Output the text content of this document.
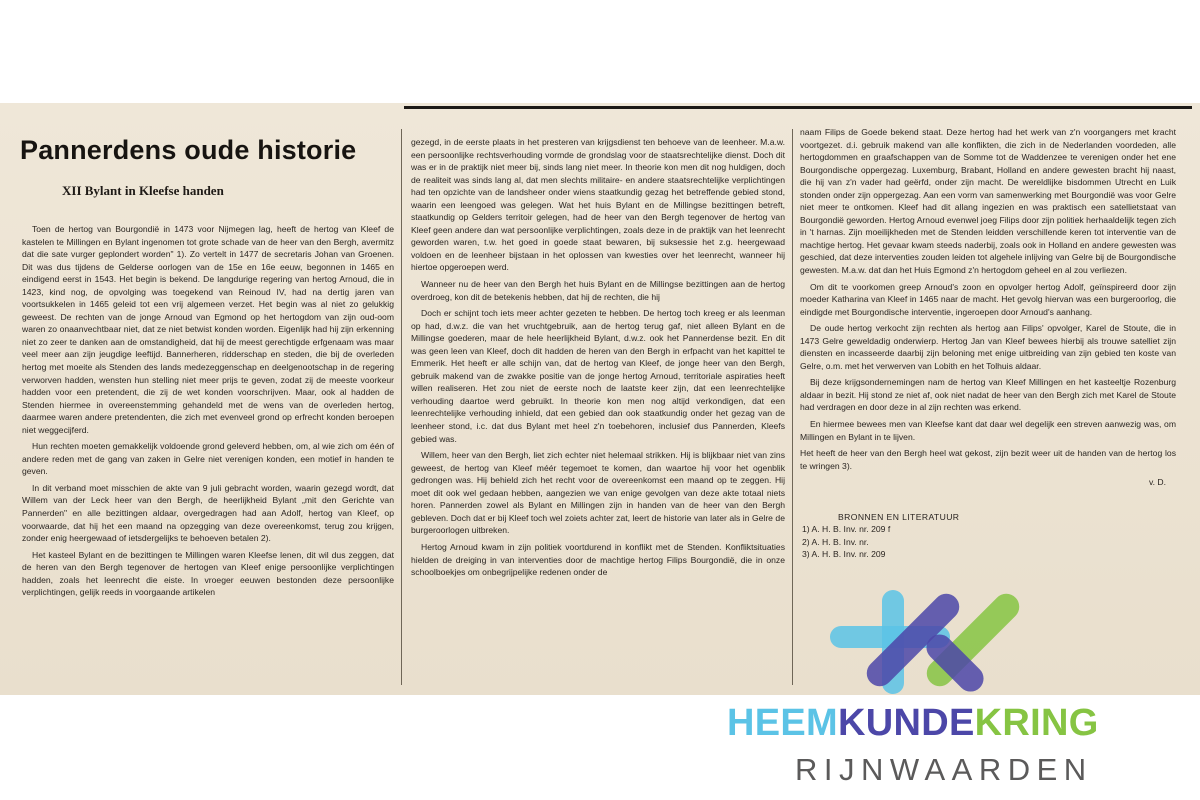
Pannerdens oude historie
XII Bylant in Kleefse handen

Toen de hertog van Bourgondië in 1473 voor Nijmegen lag, heeft de hertog van Kleef de kastelen te Millingen en Bylant ingenomen tot grote schade van de heer van den Bergh, avermitz dat die sate vurger geplondert worden" 1). Zo vertelt in 1477 de secretaris Johan van Groenen. Dit was dus tijdens de Gelderse oorlogen van de 15e en 16e eeuw, begonnen in 1465 en eindigend eerst in 1543. Het begin is bekend. De langdurige regering van hertog Arnoud, die in 1423, kind nog, de opvolging was toegekend van Reinoud IV, had na dertig jaren van voortsukkelen in 1465 geleid tot een vrij algemeen verzet. Het begin was al niet zo gelukkig geweest. De rechten van de jonge Arnoud van Egmond op het hertogdom van zijn oud-oom waren zo onaanvechtbaar niet, dat ze niet betwist konden worden. Eigenlijk had hij zijn erkenning niet zo zeer te danken aan de omstandigheid, dat hij de meest gerechtigde erfgenaam was maar veel meer aan zijn jeugdige leeftijd. Bannerheren, ridderschap en steden, die bij de overleden hertog met moeite als Stenden des lands medezeggenschap en deelgenootschap in de regering verworven hadden, wensten hun stelling niet meer prijs te geven, zodat zij de meeste voorkeur hadden voor een pretendent, die zij de wet konden voorschrijven. Maar, ook al hadden de Stenden hiermee in overeenstemming gehandeld met de wens van de overleden hertog, daarmee waren andere pretendenten, die zich met evenveel grond op erfrecht konden beroepen niet weggecijferd.

Hun rechten moeten gemakkelijk voldoende grond geleverd hebben, om, al wie zich om één of andere reden met de gang van zaken in Gelre niet verenigen konden, een motief in handen te geven.

In dit verband moet misschien de akte van 9 juli gebracht worden, waarin gezegd wordt, dat Willem van der Leck heer van den Bergh, de heerlijkheid Bylant „mit den Gerichte van Pannerden" en alle bezittingen aldaar, overgedragen had aan Adolf, hertog van Kleef, op voorwaarde, dat hij het een maand na opzegging van deze overeenkomst, terug zou krijgen, zonder enig heergewaad of ietsdergelijks te behoeven betalen 2).

Het kasteel Bylant en de bezittingen te Millingen waren Kleefse lenen, dit wil dus zeggen, dat de heren van den Bergh tegenover de hertogen van Kleef enige persoonlijke verplichtingen hadden, zoals het leenrecht die eiste. In vroeger eeuwen bestonden deze persoonlijke verplichtingen, gelijk reeds in voorgaande artikelen

gezegd, in de eerste plaats in het presteren van krijgsdienst ten behoeve van de leenheer. M.a.w. een persoonlijke rechtsverhouding vormde de grondslag voor de staatsrechtelijke dienst. Doch dit was er in de praktijk niet meer bij, sinds lang niet meer. In theorie kon men dit nog huldigen, doch de realiteit was sinds lang al, dat men slechts militaire- en andere staatsrechtelijke verplichtingen had ten opzichte van de landsheer onder wiens staatkundig gezag het betreffende gebied stond, waarin een leengoed was gelegen. Wat het huis Bylant en de Millingse bezittingen betreft, staatkundig op Gelders territoir gelegen, had de heer van den Bergh tegenover de hertog van Kleef geen andere dan wat persoonlijke verplichtingen, zoals deze in de praktijk van het leenrecht geworden waren, t.w. het goed in goede staat bewaren, bij suksessie het z.g. heergewaad voldoen en de leenheer bijstaan in het oplossen van kwesties over het leenrecht, wanneer hij hiertoe opgeroepen werd.

Wanneer nu de heer van den Bergh het huis Bylant en de Millingse bezittingen aan de hertog overdroeg, kon dit de betekenis hebben, dat hij de rechten, die hij

Doch er schijnt toch iets meer achter gezeten te hebben. De hertog toch kreeg er als leenman op had, d.w.z. die van het vruchtgebruik, aan de hertog terug gaf, niet alleen Bylant en de Millingse goederen, maar de hele heerlijkheid Bylant, d.w.z. ook het Pannerdense bezit. En dit was geen leen van Kleef, doch dit hadden de heren van den Bergh in erfpacht van het kapittel te Emmerik. Het heeft er alle schijn van, dat de hertog van Kleef, de jonge heer van den Bergh, gebruik makend van de zwakke positie van de jonge hertog Arnoud, territoriale aspiraties heeft willen realiseren. Het zou niet de eerste noch de laatste keer zijn, dat een leenrechtelijke verhouding daartoe werd gebruikt. In theorie kon men nog altijd verkondigen, dat een leenrechtelijke verhouding inhield, dat een gebied dan ook staatkundig onder het gezag van de leenheer stond, i.c. dat dus Bylant met heel z'n toebehoren, inclusief dus Pannerden, Kleefs gebied was.

Willem, heer van den Bergh, liet zich echter niet helemaal strikken. Hij is blijkbaar niet van zins geweest, de hertog van Kleef méér tegemoet te komen, dan waartoe hij voor het ogenblik gedrongen was. Hij behield zich het recht voor de overeenkomst een maand op te zeggen. Hij moet dit ook wel gedaan hebben, aangezien we van enige gevolgen van deze akte totaal niets horen. Pannerden zowel als Bylant en Millingen zijn in handen van de heer van den Bergh gebleven. Doch dat er bij Kleef toch wel zoiets achter zat, leert de historie van later als in Gelre de burgeroorlogen uitbreken.

Hertog Arnoud kwam in zijn politiek voortdurend in konflikt met de Stenden. Konfliktsituaties hielden de dreiging in van interventies door de machtige hertog Filips Bourgondië, die in onze schoolboekjes om onbegrijpelijke redenen onder de

naam Filips de Goede bekend staat. Deze hertog had het werk van z'n voorgangers met kracht voortgezet. d.i. gebruik makend van alle konflikten, die zich in de Nederlanden voordeden, alle hertogdommen en graafschappen van de Somme tot de Waddenzee te verenigen onder het ene Bourgondische oppergezag. Luxemburg, Brabant, Holland en andere gewesten bracht hij naast, die hij van z'n vader had geërfd, onder zijn macht. De wereldlijke bisdommen Utrecht en Luik stonden onder zijn oppergezag. Aan een vorm van samenwerking met Bourgondië was voor Gelre niet meer te ontkomen. Kleef had dit allang ingezien en was praktisch een satellietstaat van Bourgondië geworden. Hertog Arnoud evenwel joeg Filips door zijn politiek herhaaldelijk tegen zich in 't harnas. Zijn moeilijkheden met de Stenden leidden verschillende keren tot interventie van de machtige hertog. Het gevaar kwam steeds naderbij, zoals ook in Holland en andere gewesten was geschied, dat deze interventies zouden leiden tot algehele inlijving van Gelre bij de Bourgondische gewesten. M.a.w. dat dan het Huis Egmond z'n hertogdom geheel en al zou verliezen.

Om dit te voorkomen greep Arnoud's zoon en opvolger hertog Adolf, geïnspireerd door zijn moeder Katharina van Kleef in 1465 naar de macht. Het gevolg hiervan was een burgeroorlog, die eindigde met Bourgondische interventie, ingeroepen door Arnoud's aanhang.

De oude hertog verkocht zijn rechten als hertog aan Filips' opvolger, Karel de Stoute, die in 1473 Gelre geweldadig onderwierp. Hertog Jan van Kleef bewees hierbij als trouwe satelliet zijn diensten en incasseerde daarbij zijn beloning met enige uitbreiding van zijn gebied ten koste van Gelre, o.m. met het verwerven van Lobith en het Tolhuis aldaar.

Bij deze krijgsondernemingen nam de hertog van Kleef Millingen en het kasteeltje Rozenburg aldaar in bezit. Hij stond ze niet af, ook niet nadat de heer van den Bergh zich met Karel de Stoute had verdragen en door deze in al zijn rechten was erkend.

En hiermee bewees men van Kleefse kant dat daar wel degelijk een streven aanwezig was, om Millingen en Bylant in te lijven.

Het heeft de heer van den Bergh heel wat gekost, zijn bezit weer uit de handen van de hertog los te wringen 3).

v. D.
BRONNEN EN LITERATUUR
1) A. H. B. Inv. nr. 209 f
2) A. H. B. Inv. nr.
3) A. H. B. Inv. nr. 209
HEEMKUNDEKRING
RIJNWAARDEN
